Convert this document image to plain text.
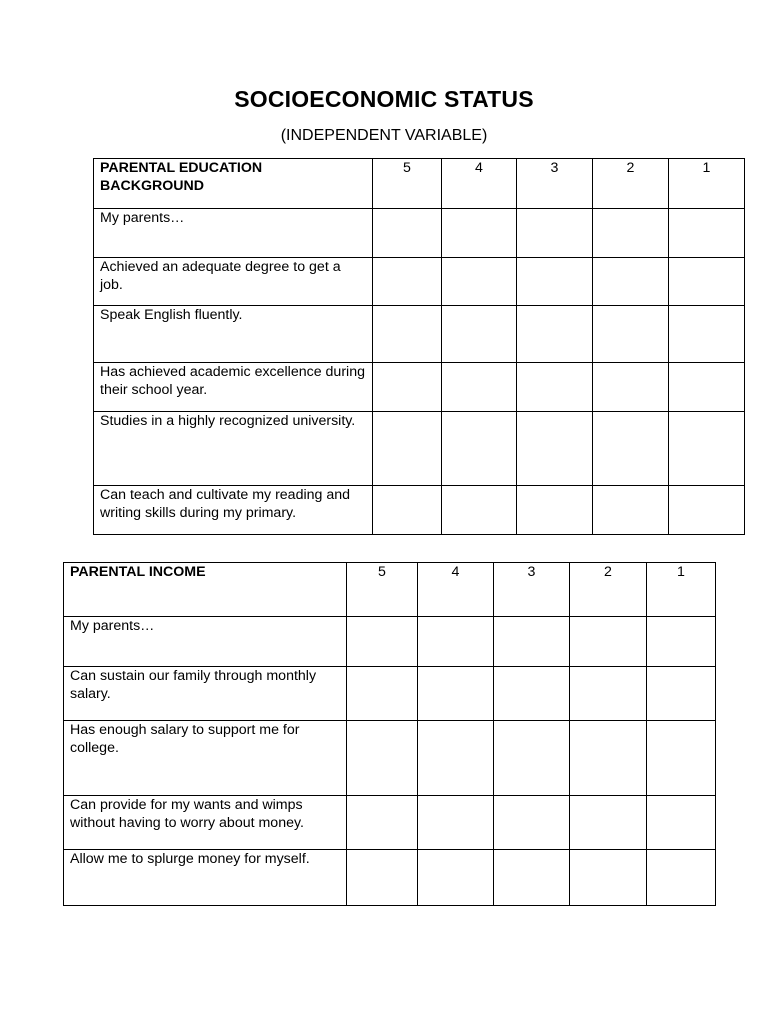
SOCIOECONOMIC STATUS
(INDEPENDENT VARIABLE)
PARENTAL EDUCATION BACKGROUND	5	4	3	2	1
My parents…					
Achieved an adequate degree to get a job.					
Speak English fluently.					
Has achieved academic excellence during their school year.					
Studies in a highly recognized university.					
Can teach and cultivate my reading and writing skills during my primary.					
PARENTAL INCOME	5	4	3	2	1
My parents…					
Can sustain our family through monthly salary.					
Has enough salary to support me for college.					
Can provide for my wants and wimps without having to worry about money.					
Allow me to splurge money for myself.					
